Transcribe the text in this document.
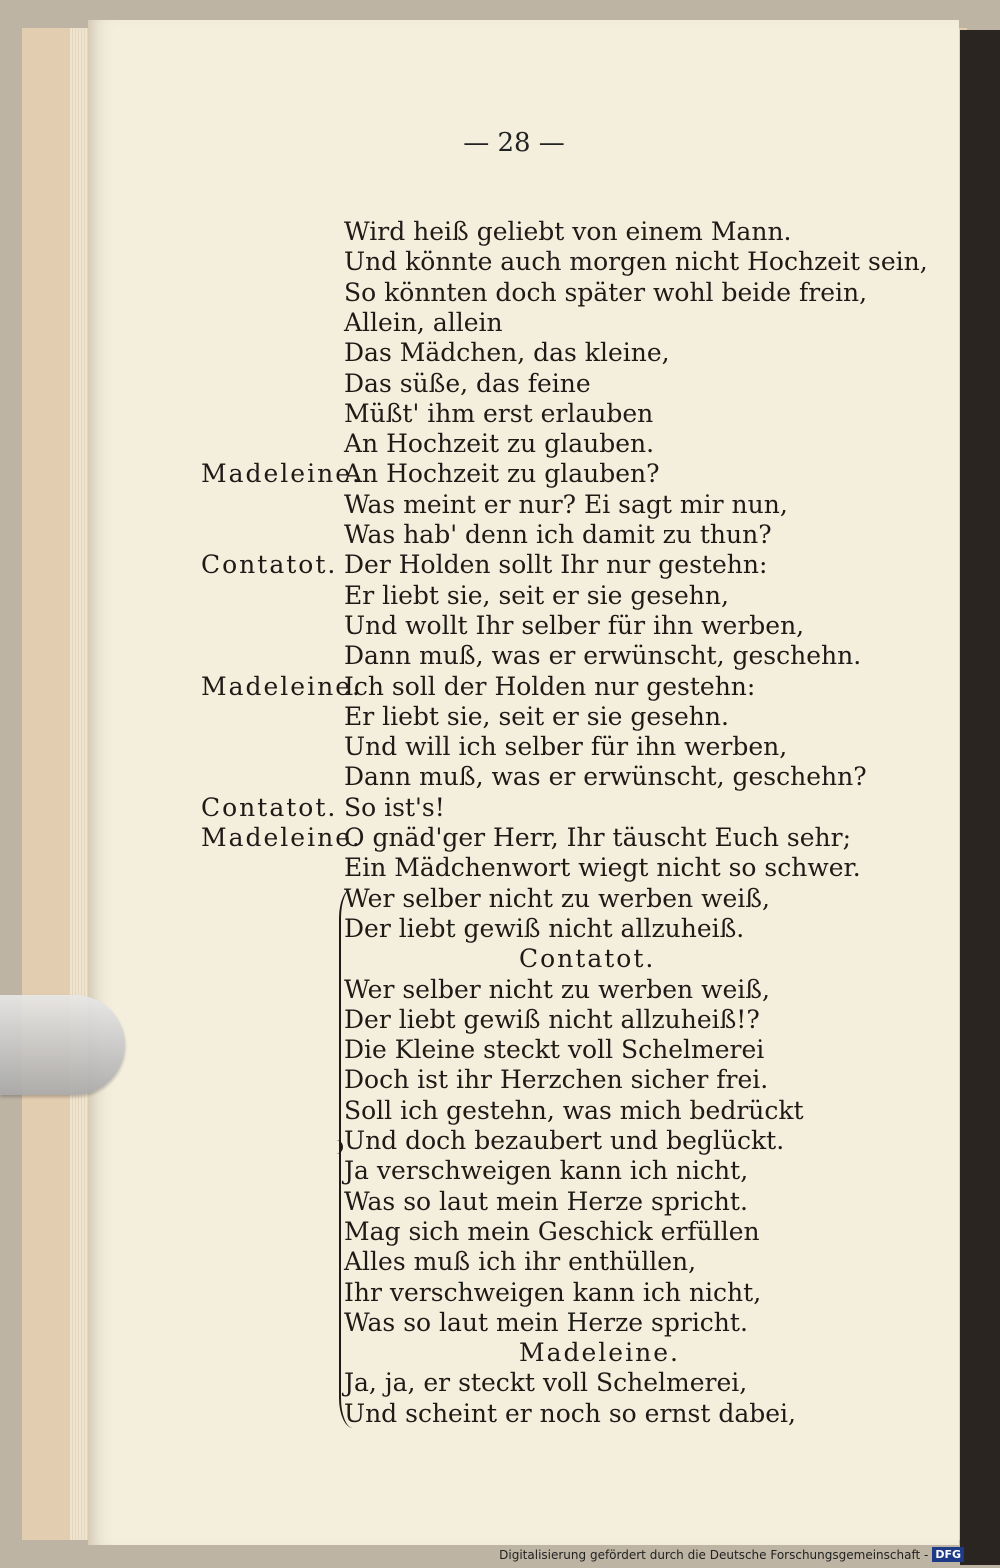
— 28 —
Wird heiß geliebt von einem Mann.
Und könnte auch morgen nicht Hochzeit sein,
So könnten doch später wohl beide frein,
Allein, allein
Das Mädchen, das kleine,
Das süße, das feine
Müßt' ihm erst erlauben
An Hochzeit zu glauben.
Madeleine.
An Hochzeit zu glauben?
Was meint er nur? Ei sagt mir nun,
Was hab' denn ich damit zu thun?
Contatot. Der Holden sollt Ihr nur gestehn:
Er liebt sie, seit er sie gesehn,
Und wollt Ihr selber für ihn werben,
Dann muß, was er erwünscht, geschehn.
Madeleine.
Ich soll der Holden nur gestehn:
Er liebt sie, seit er sie gesehn.
Und will ich selber für ihn werben,
Dann muß, was er erwünscht, geschehn?
Contatot. So ist's!
Madeleine.
O gnäd'ger Herr, Ihr täuscht Euch sehr;
Ein Mädchenwort wiegt nicht so schwer.
Wer selber nicht zu werben weiß,
Der liebt gewiß nicht allzuheiß.
Contatot.
Wer selber nicht zu werben weiß,
Der liebt gewiß nicht allzuheiß!?
Die Kleine steckt voll Schelmerei
Doch ist ihr Herzchen sicher frei.
Soll ich gestehn, was mich bedrückt
Und doch bezaubert und beglückt.
Ja verschweigen kann ich nicht,
Was so laut mein Herze spricht.
Mag sich mein Geschick erfüllen
Alles muß ich ihr enthüllen,
Ihr verschweigen kann ich nicht,
Was so laut mein Herze spricht.
Madeleine.
Ja, ja, er steckt voll Schelmerei,
Und scheint er noch so ernst dabei,
Digitalisierung gefördert durch die Deutsche Forschungsgemeinschaft - DFG
